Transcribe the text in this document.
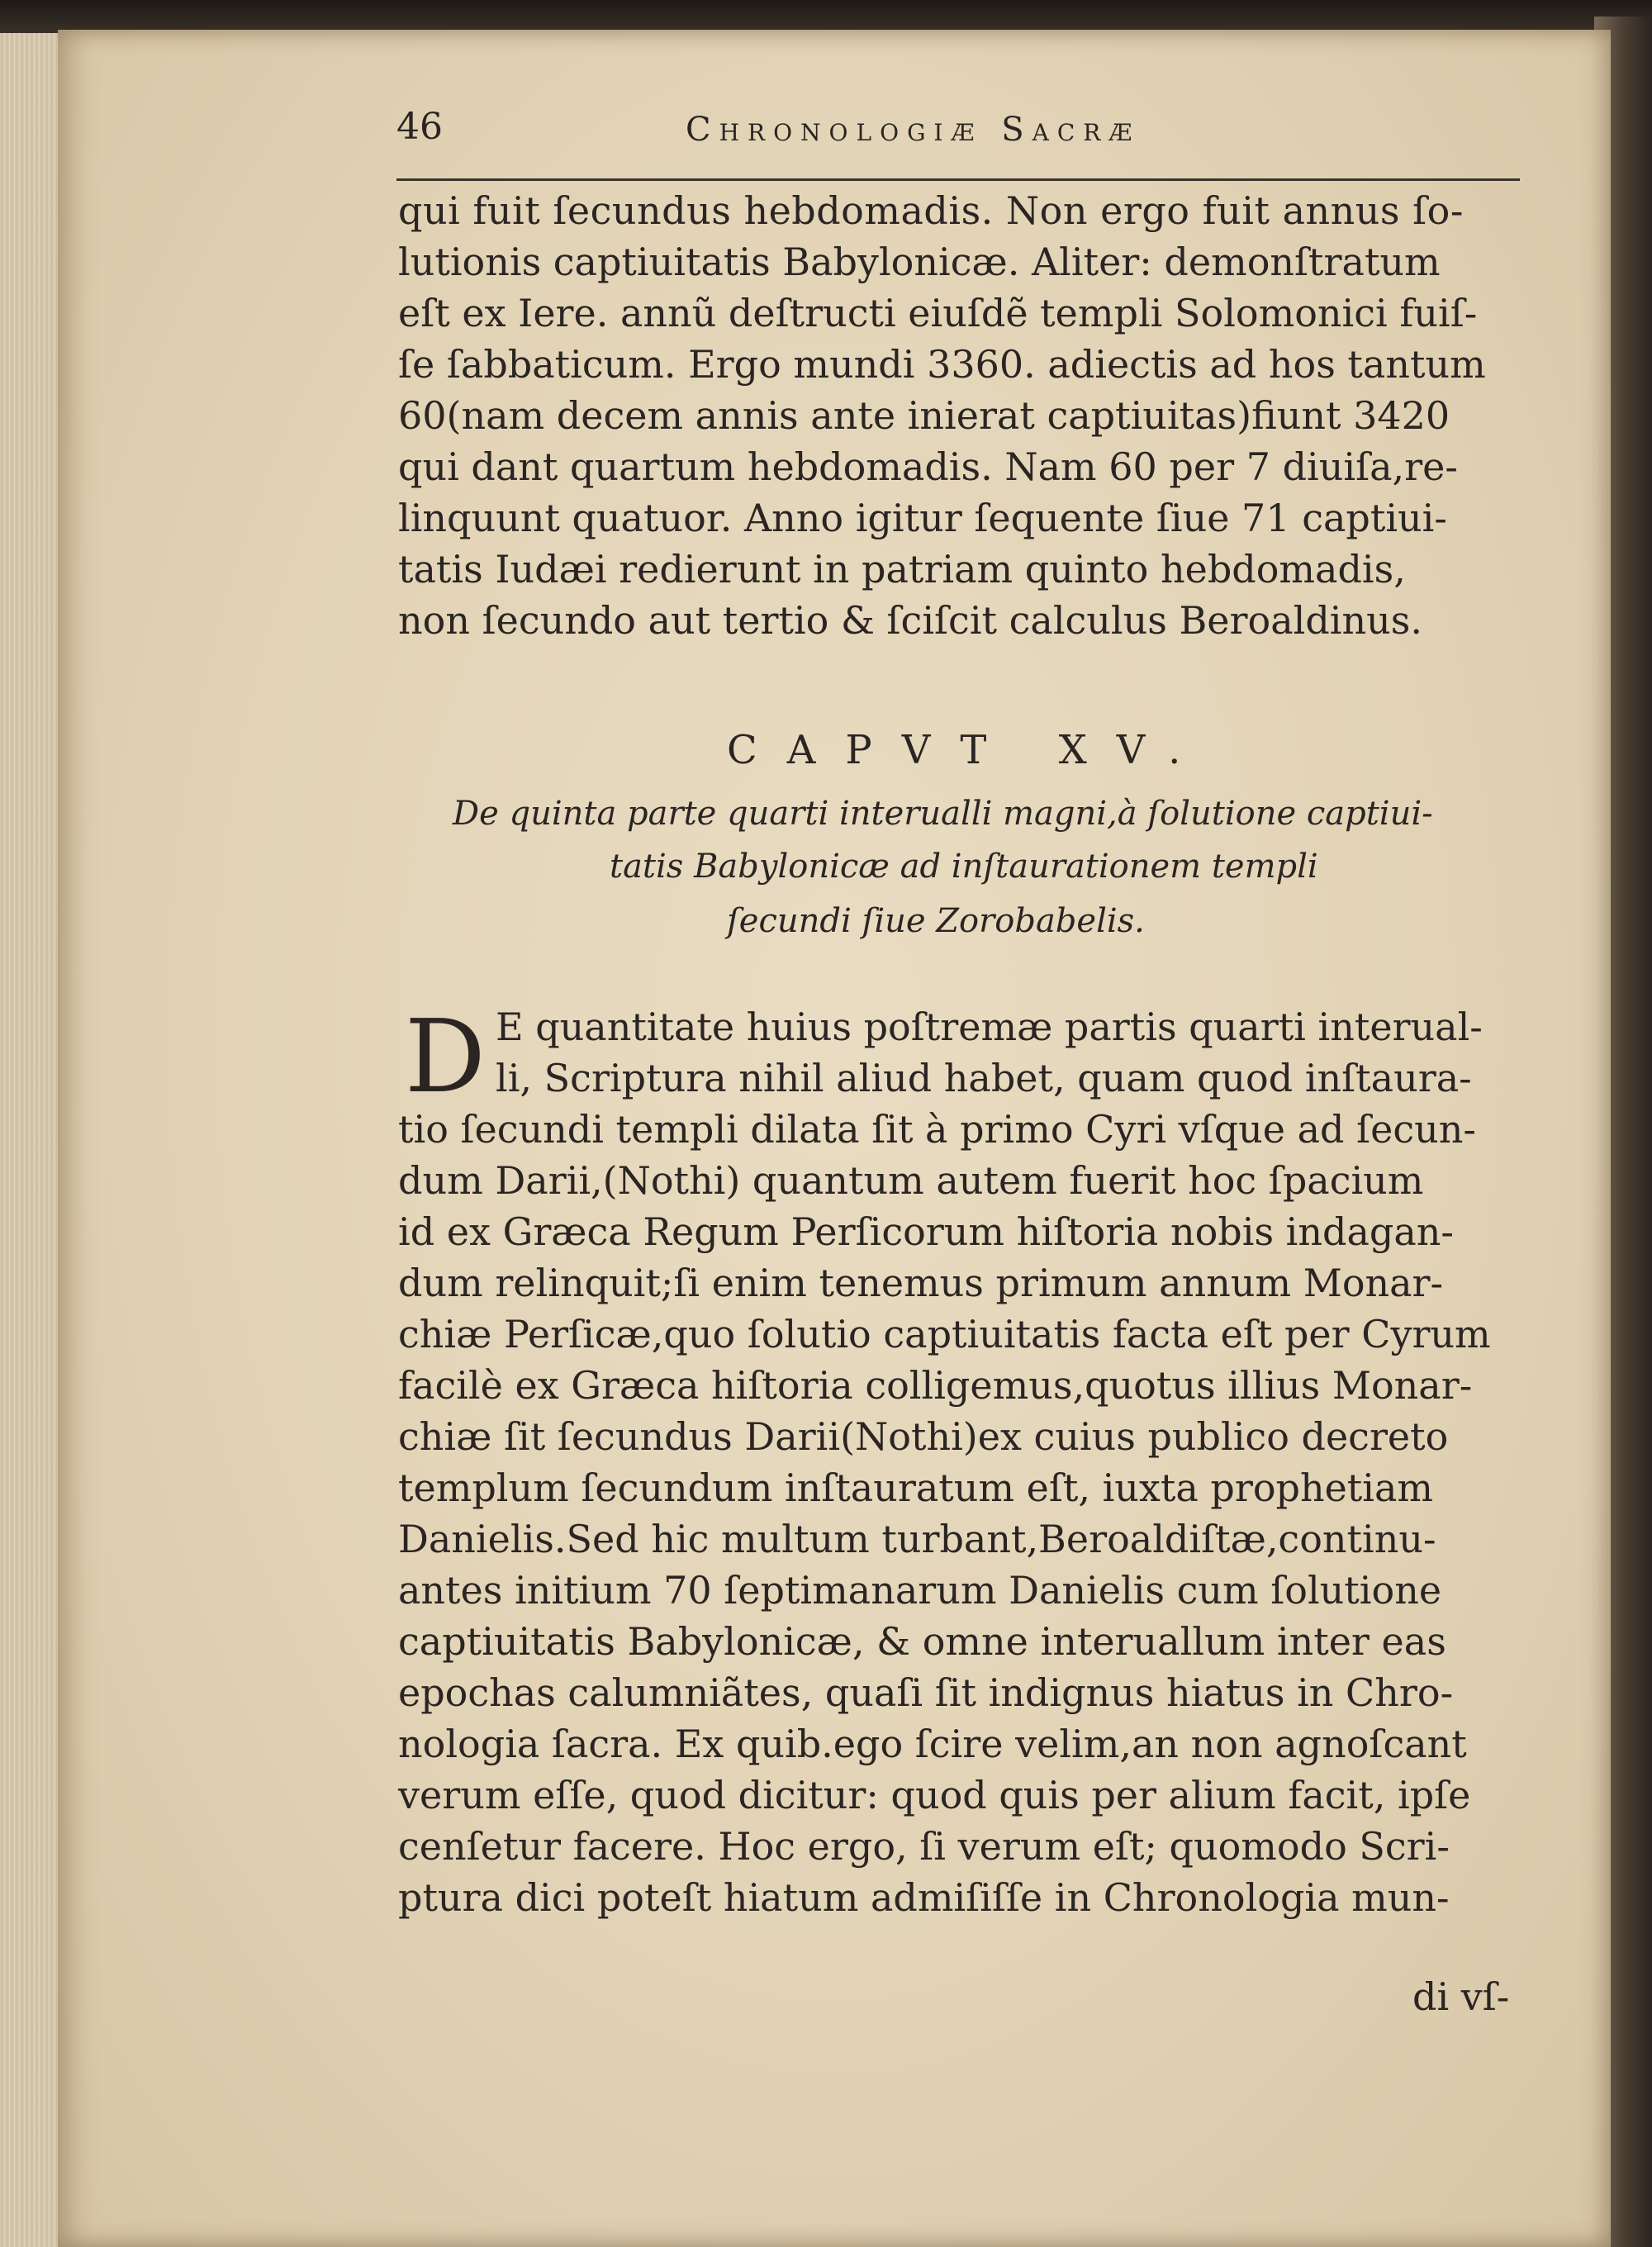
46	Chronologiæ Sacræ
qui fuit ſecundus hebdomadis. Non ergo fuit annus ſo-
lutionis captiuitatis Babylonicæ. Aliter: demonſtratum
eſt ex Iere. annũ deſtructi eiuſdẽ templi Solomonici fuiſ-
ſe ſabbaticum. Ergo mundi 3360. adiectis ad hos tantum
60(nam decem annis ante inierat captiuitas)fiunt 3420
qui dant quartum hebdomadis. Nam 60 per 7 diuiſa,re-
linquunt quatuor. Anno igitur ſequente ſiue 71 captiui-
tatis Iudæi redierunt in patriam quinto hebdomadis,
non ſecundo aut tertio & ſciſcit calculus Beroaldinus.
CAPVT XV.
De quinta parte quarti interualli magni,à ſolutione captiui-
tatis Babylonicæ ad inſtaurationem templi
ſecundi ſiue Zorobabelis.
D E quantitate huius poſtremæ partis quarti interual-
li, Scriptura nihil aliud habet, quam quod inſtaura-
tio ſecundi templi dilata ſit à primo Cyri vſque ad ſecun-
dum Darii,(Nothi) quantum autem fuerit hoc ſpacium
id ex Græca Regum Perſicorum hiſtoria nobis indagan-
dum relinquit;ſi enim tenemus primum annum Monar-
chiæ Perſicæ,quo ſolutio captiuitatis facta eſt per Cyrum
facilè ex Græca hiſtoria colligemus,quotus illius Monar-
chiæ ſit ſecundus Darii(Nothi)ex cuius publico decreto
templum ſecundum inſtauratum eſt, iuxta prophetiam
Danielis.Sed hic multum turbant,Beroaldiſtæ,continu-
antes initium 70 ſeptimanarum Danielis cum ſolutione
captiuitatis Babylonicæ, & omne interuallum inter eas
epochas calumniãtes, quaſi ſit indignus hiatus in Chro-
nologia ſacra. Ex quib.ego ſcire velim,an non agnoſcant
verum eſſe, quod dicitur: quod quis per alium facit, ipſe
cenſetur facere. Hoc ergo, ſi verum eſt; quomodo Scri-
ptura dici poteſt hiatum admiſiſſe in Chronologia mun-
di vſ-
